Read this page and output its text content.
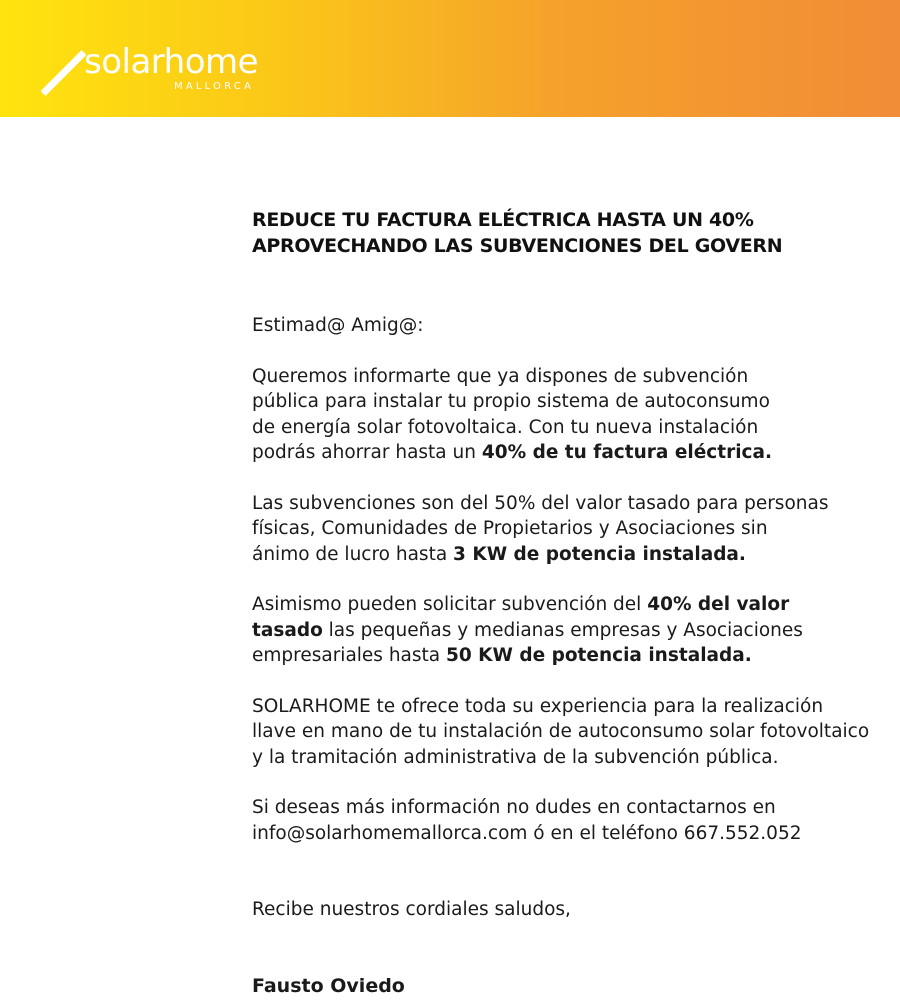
solarhome
MALLORCA
REDUCE TU FACTURA ELÉCTRICA HASTA UN 40%
APROVECHANDO LAS SUBVENCIONES DEL GOVERN

Estimad@ Amig@:

Queremos informarte que ya dispones de subvención
pública para instalar tu propio sistema de autoconsumo
de energía solar fotovoltaica. Con tu nueva instalación
podrás ahorrar hasta un 40% de tu factura eléctrica.

Las subvenciones son del 50% del valor tasado para personas
físicas, Comunidades de Propietarios y Asociaciones sin
ánimo de lucro hasta 3 KW de potencia instalada.

Asimismo pueden solicitar subvención del 40% del valor
tasado las pequeñas y medianas empresas y Asociaciones
empresariales hasta 50 KW de potencia instalada.

SOLARHOME te ofrece toda su experiencia para la realización
llave en mano de tu instalación de autoconsumo solar fotovoltaico
y la tramitación administrativa de la subvención pública.

Si deseas más información no dudes en contactarnos en
info@solarhomemallorca.com ó en el teléfono 667.552.052

Recibe nuestros cordiales saludos,

Fausto Oviedo
